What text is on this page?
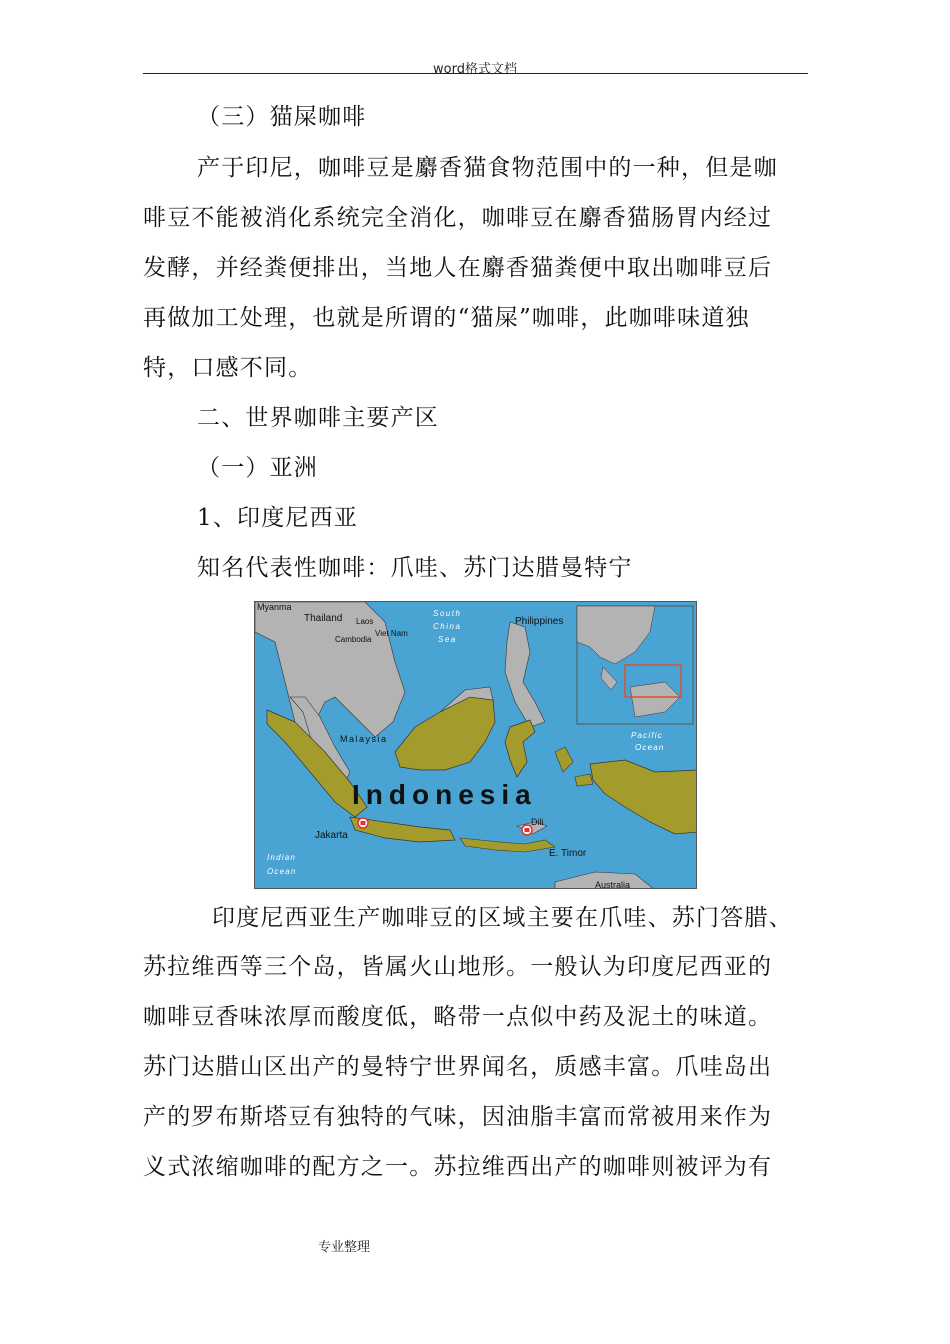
word格式文档
（三）猫屎咖啡
产于印尼，咖啡豆是麝香猫食物范围中的一种，但是咖
啡豆不能被消化系统完全消化，咖啡豆在麝香猫肠胃内经过
发酵，并经粪便排出，当地人在麝香猫粪便中取出咖啡豆后
再做加工处理，也就是所谓的“猫屎”咖啡，此咖啡味道独
特，口感不同。
二、世界咖啡主要产区
（一）亚洲
1、印度尼西亚
知名代表性咖啡：爪哇、苏门达腊曼特宁
Myanma
Thailand Laos
Cambodia
Viet Nam
South
China
Sea
Philippines
Malaysia	Pacific
Ocean
Indonesia
Jakarta
Dili
E. Timor
Indian
Ocean
Australia
印度尼西亚生产咖啡豆的区域主要在爪哇、苏门答腊、
苏拉维西等三个岛，皆属火山地形。一般认为印度尼西亚的
咖啡豆香味浓厚而酸度低，略带一点似中药及泥土的味道。
苏门达腊山区出产的曼特宁世界闻名，质感丰富。爪哇岛出
产的罗布斯塔豆有独特的气味，因油脂丰富而常被用来作为
义式浓缩咖啡的配方之一。苏拉维西出产的咖啡则被评为有
专业整理
